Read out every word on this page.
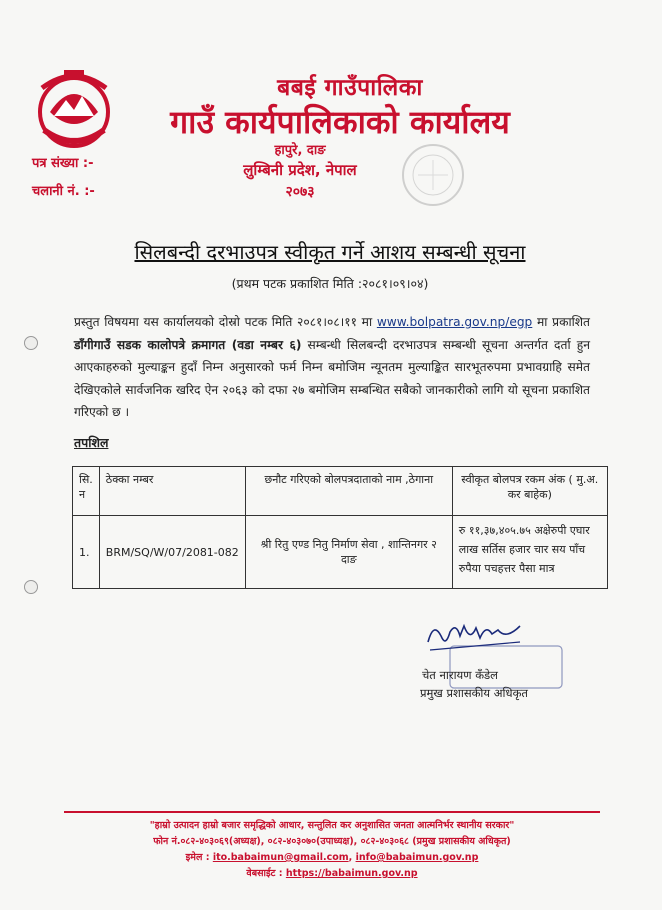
बबई गाउँपालिका
गाउँ कार्यपालिकाको कार्यालय
हापुरे, दाङ
लुम्बिनी प्रदेश, नेपाल
२०७३
पत्र संख्या :-
चलानी नं. :-
सिलबन्दी दरभाउपत्र स्वीकृत गर्ने आशय सम्बन्धी सूचना
(प्रथम पटक प्रकाशित मिति :२०८१।०९।०४)
प्रस्तुत विषयमा यस कार्यालयको दोस्रो पटक मिति २०८१।०८।११ मा www.bolpatra.gov.np/egp मा प्रकाशित डाँगीगाउँ सडक कालोपत्रे क्रमागत (वडा नम्बर ६) सम्बन्धी सिलबन्दी दरभाउपत्र सम्बन्धी सूचना अन्तर्गत दर्ता हुन आएकाहरुको मुल्याङ्कन हुदाँ निम्न अनुसारको फर्म निम्न बमोजिम न्यूनतम मुल्याङ्कित सारभूतरुपमा प्रभावग्राहि समेत देखिएकोले सार्वजनिक खरिद ऐन २०६३ को दफा २७ बमोजिम सम्बन्धित सबैको जानकारीको लागि यो सूचना प्रकाशित गरिएको छ ।
तपशिल
सि. न	ठेक्का नम्बर	छनौट गरिएको बोलपत्रदाताको नाम ,ठेगाना	स्वीकृत बोलपत्र रकम अंक ( मु.अ. कर बाहेक)
1.	BRM/SQ/W/07/2081-082	श्री रितु एण्ड नितु निर्माण सेवा , शान्तिनगर २ दाङ	रु ११,३७,४०५.७५ अक्षेरुपी एघार लाख सर्तिस हजार चार सय पाँच रुपैया पचहत्तर पैसा मात्र
चेत नारायण कँडेल
प्रमुख प्रशासकीय अधिकृत
"हाम्रो उत्पादन हाम्रो बजार समृद्धिको आधार, सन्तुलित कर अनुशासित जनता आत्मनिर्भर स्थानीय सरकार"
फोन नं.०८२-४०३०६९(अध्यक्ष), ०८२-४०३०७०(उपाध्यक्ष), ०८२-४०३०६८ (प्रमुख प्रशासकीय अधिकृत)
इमेल : ito.babaimun@gmail.com, info@babaimun.gov.np
वेबसाईट : https://babaimun.gov.np
